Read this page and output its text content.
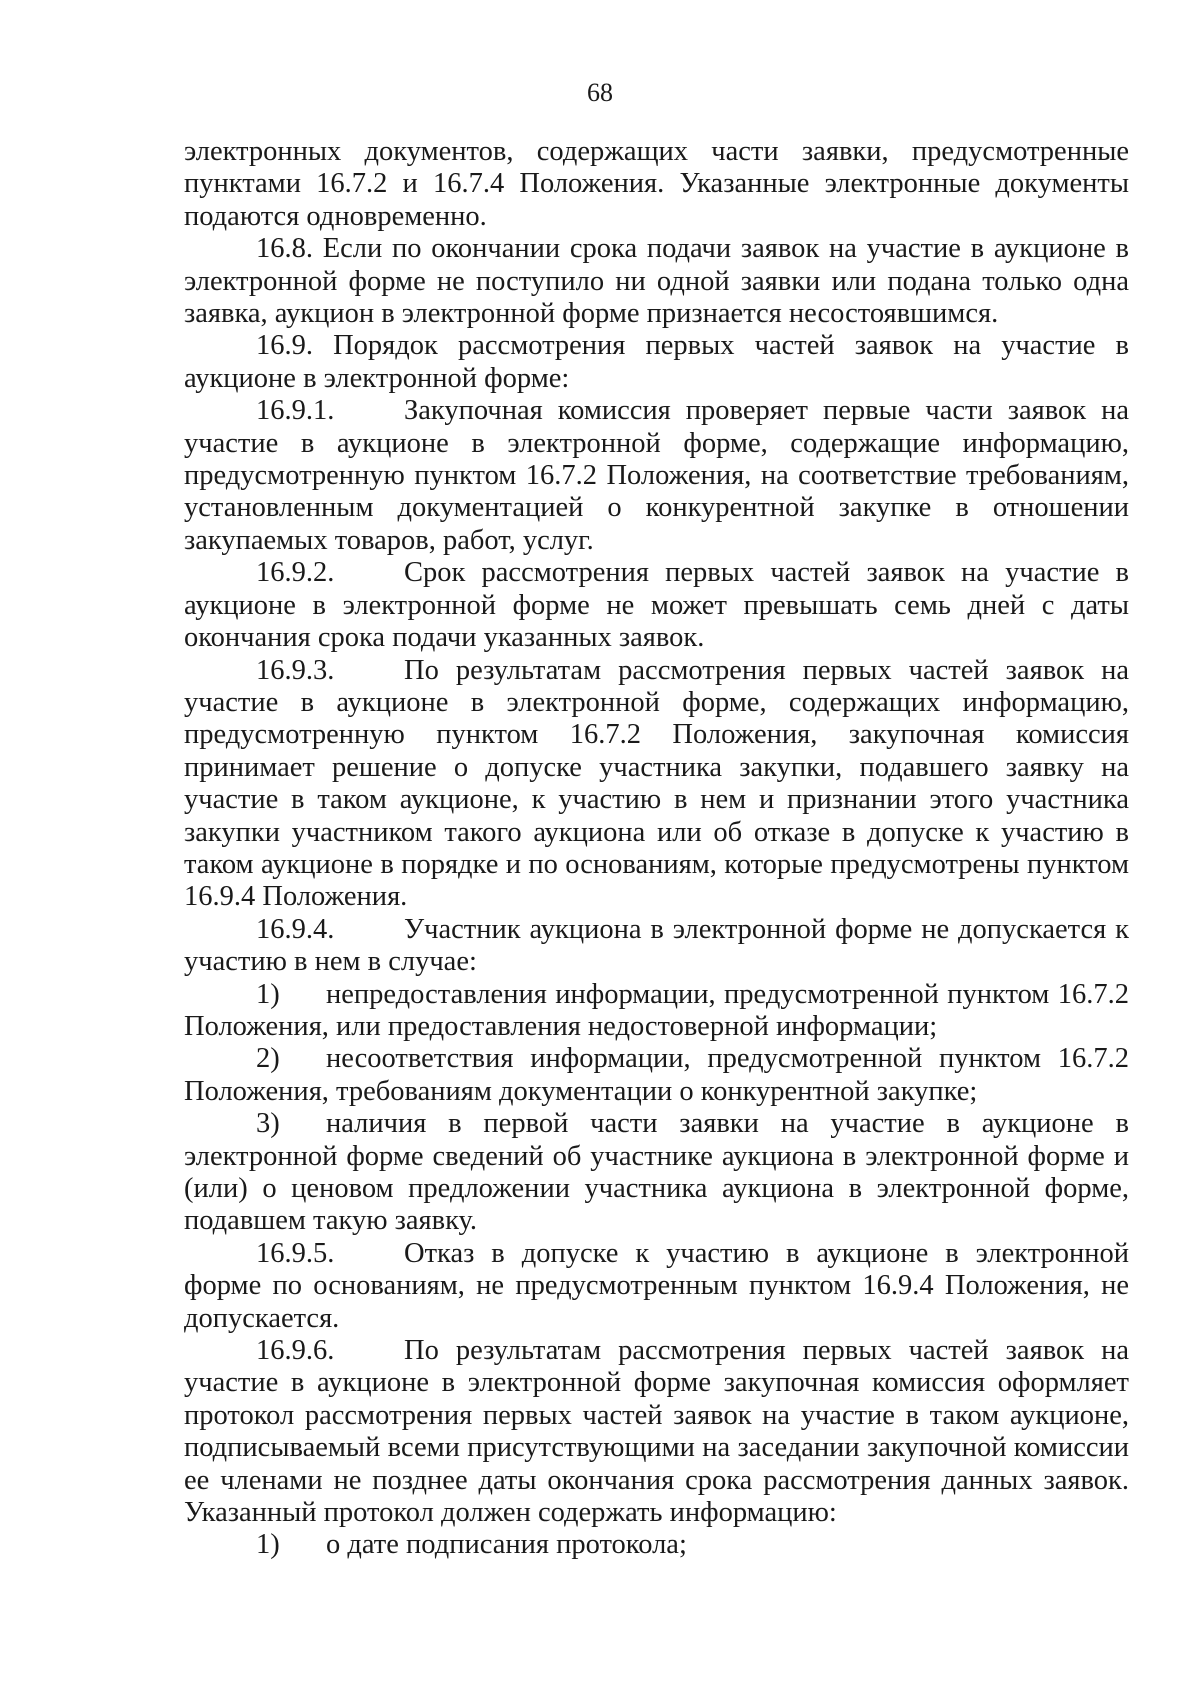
68

электронных документов, содержащих части заявки, предусмотренные пунктами 16.7.2 и 16.7.4 Положения. Указанные электронные документы подаются одновременно.

16.8. Если по окончании срока подачи заявок на участие в аукционе в электронной форме не поступило ни одной заявки или подана только одна заявка, аукцион в электронной форме признается несостоявшимся.

16.9. Порядок рассмотрения первых частей заявок на участие в аукционе в электронной форме:

16.9.1. Закупочная комиссия проверяет первые части заявок на участие в аукционе в электронной форме, содержащие информацию, предусмотренную пунктом 16.7.2 Положения, на соответствие требованиям, установленным документацией о конкурентной закупке в отношении закупаемых товаров, работ, услуг.

16.9.2. Срок рассмотрения первых частей заявок на участие в аукционе в электронной форме не может превышать семь дней с даты окончания срока подачи указанных заявок.

16.9.3. По результатам рассмотрения первых частей заявок на участие в аукционе в электронной форме, содержащих информацию, предусмотренную пунктом 16.7.2 Положения, закупочная комиссия принимает решение о допуске участника закупки, подавшего заявку на участие в таком аукционе, к участию в нем и признании этого участника закупки участником такого аукциона или об отказе в допуске к участию в таком аукционе в порядке и по основаниям, которые предусмотрены пунктом 16.9.4 Положения.

16.9.4. Участник аукциона в электронной форме не допускается к участию в нем в случае:

1) непредоставления информации, предусмотренной пунктом 16.7.2 Положения, или предоставления недостоверной информации;

2) несоответствия информации, предусмотренной пунктом 16.7.2 Положения, требованиям документации о конкурентной закупке;

3) наличия в первой части заявки на участие в аукционе в электронной форме сведений об участнике аукциона в электронной форме и (или) о ценовом предложении участника аукциона в электронной форме, подавшем такую заявку.

16.9.5. Отказ в допуске к участию в аукционе в электронной форме по основаниям, не предусмотренным пунктом 16.9.4 Положения, не допускается.

16.9.6. По результатам рассмотрения первых частей заявок на участие в аукционе в электронной форме закупочная комиссия оформляет протокол рассмотрения первых частей заявок на участие в таком аукционе, подписываемый всеми присутствующими на заседании закупочной комиссии ее членами не позднее даты окончания срока рассмотрения данных заявок. Указанный протокол должен содержать информацию:

1) о дате подписания протокола;
